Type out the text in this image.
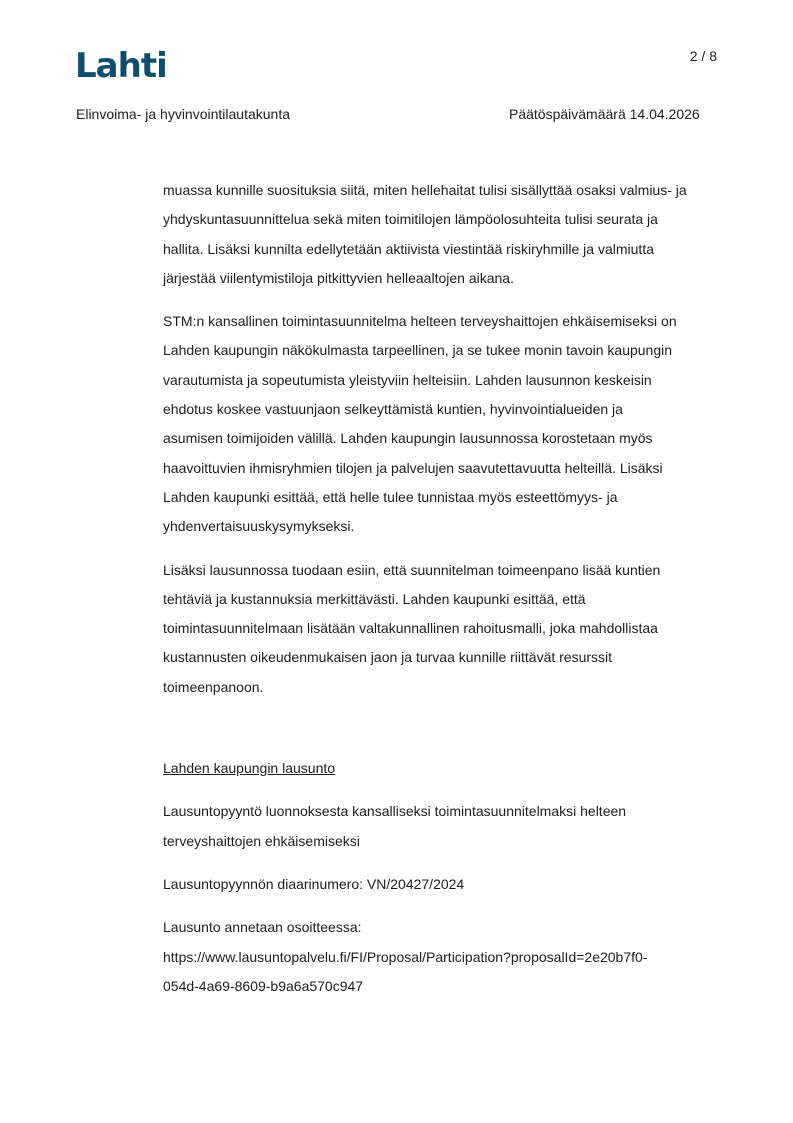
Lahti	2 / 8
Elinvoima- ja hyvinvointilautakunta	Päätöspäivämäärä 14.04.2026

muassa kunnille suosituksia siitä, miten hellehaitat tulisi sisällyttää osaksi valmius- ja
yhdyskuntasuunnittelua sekä miten toimitilojen lämpöolosuhteita tulisi seurata ja
hallita. Lisäksi kunnilta edellytetään aktiivista viestintää riskiryhmille ja valmiutta
järjestää viilentymistiloja pitkittyvien helleaaltojen aikana.

STM:n kansallinen toimintasuunnitelma helteen terveyshaittojen ehkäisemiseksi on
Lahden kaupungin näkökulmasta tarpeellinen, ja se tukee monin tavoin kaupungin
varautumista ja sopeutumista yleistyviin helteisiin. Lahden lausunnon keskeisin
ehdotus koskee vastuunjaon selkeyttämistä kuntien, hyvinvointialueiden ja
asumisen toimijoiden välillä. Lahden kaupungin lausunnossa korostetaan myös
haavoittuvien ihmisryhmien tilojen ja palvelujen saavutettavuutta helteillä. Lisäksi
Lahden kaupunki esittää, että helle tulee tunnistaa myös esteettömyys- ja
yhdenvertaisuuskysymykseksi.

Lisäksi lausunnossa tuodaan esiin, että suunnitelman toimeenpano lisää kuntien
tehtäviä ja kustannuksia merkittävästi. Lahden kaupunki esittää, että
toimintasuunnitelmaan lisätään valtakunnallinen rahoitusmalli, joka mahdollistaa
kustannusten oikeudenmukaisen jaon ja turvaa kunnille riittävät resurssit
toimeenpanoon.

Lahden kaupungin lausunto

Lausuntopyyntö luonnoksesta kansalliseksi toimintasuunnitelmaksi helteen
terveyshaittojen ehkäisemiseksi

Lausuntopyynnön diaarinumero: VN/20427/2024

Lausunto annetaan osoitteessa:
https://www.lausuntopalvelu.fi/FI/Proposal/Participation?proposalId=2e20b7f0-
054d-4a69-8609-b9a6a570c947
